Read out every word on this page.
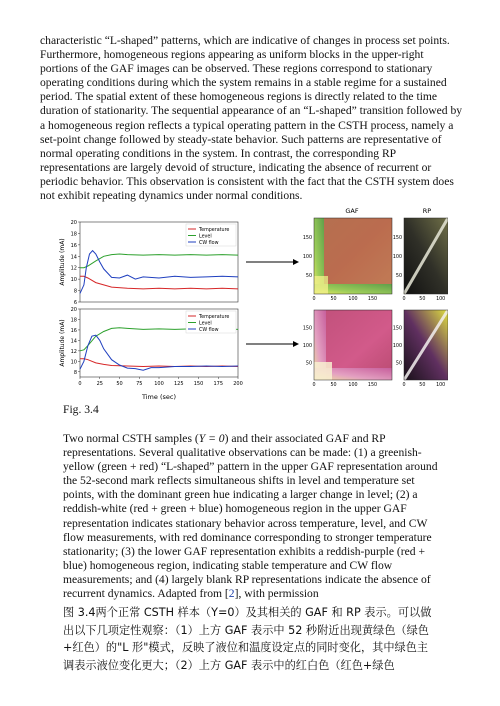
characteristic “L-shaped” patterns, which are indicative of changes in process set points. Furthermore, homogeneous regions appearing as uniform blocks in the upper-right portions of the GAF images can be observed. These regions correspond to stationary operating conditions during which the system remains in a stable regime for a sustained period. The spatial extent of these homogeneous regions is directly related to the time duration of stationarity. The sequential appearance of an “L-shaped” transition followed by a homogeneous region reflects a typical operating pattern in the CSTH process, namely a set-point change followed by steady-state behavior. Such patterns are representative of normal operating conditions in the system. In contrast, the corresponding RP representations are largely devoid of structure, indicating the absence of recurrent or periodic behavior. This observation is consistent with the fact that the CSTH system does not exhibit repeating dynamics under normal conditions.

6
8
10
12
14
16
18
20
Amplitude (mA)
Temperature
Level
CW flow
8
10
12
14
16
18
20
0	25	50	75 100 125 150 175 200
Amplitude (mA)
Time (sec)
Temperature
Level
CW flow
GAF	RP
0	50 100 150
50
100
150
0	50 100
50
100
150
0	50 100 150
50
100
150
0	50 100
50
100
150
Fig. 3.4

Two normal CSTH samples (Y = 0) and their associated GAF and RP representations. Several qualitative observations can be made: (1) a greenish-yellow (green + red) “L-shaped” pattern in the upper GAF representation around the 52-second mark reflects simultaneous shifts in level and temperature set points, with the dominant green hue indicating a larger change in level; (2) a reddish-white (red + green + blue) homogeneous region in the upper GAF representation indicates stationary behavior across temperature, level, and CW flow measurements, with red dominance corresponding to stronger temperature stationarity; (3) the lower GAF representation exhibits a reddish-purple (red + blue) homogeneous region, indicating stable temperature and CW flow measurements; and (4) largely blank RP representations indicate the absence of recurrent dynamics. Adapted from [2], with permission

图 3.4两个正常 CSTH 样本（Y=0）及其相关的 GAF 和 RP 表示。可以做出以下几项定性观察：（1）上方 GAF 表示中 52 秒附近出现黄绿色（绿色+红色）的"L 形"模式，反映了液位和温度设定点的同时变化，其中绿色主调表示液位变化更大；（2）上方 GAF 表示中的红白色（红色+绿色
